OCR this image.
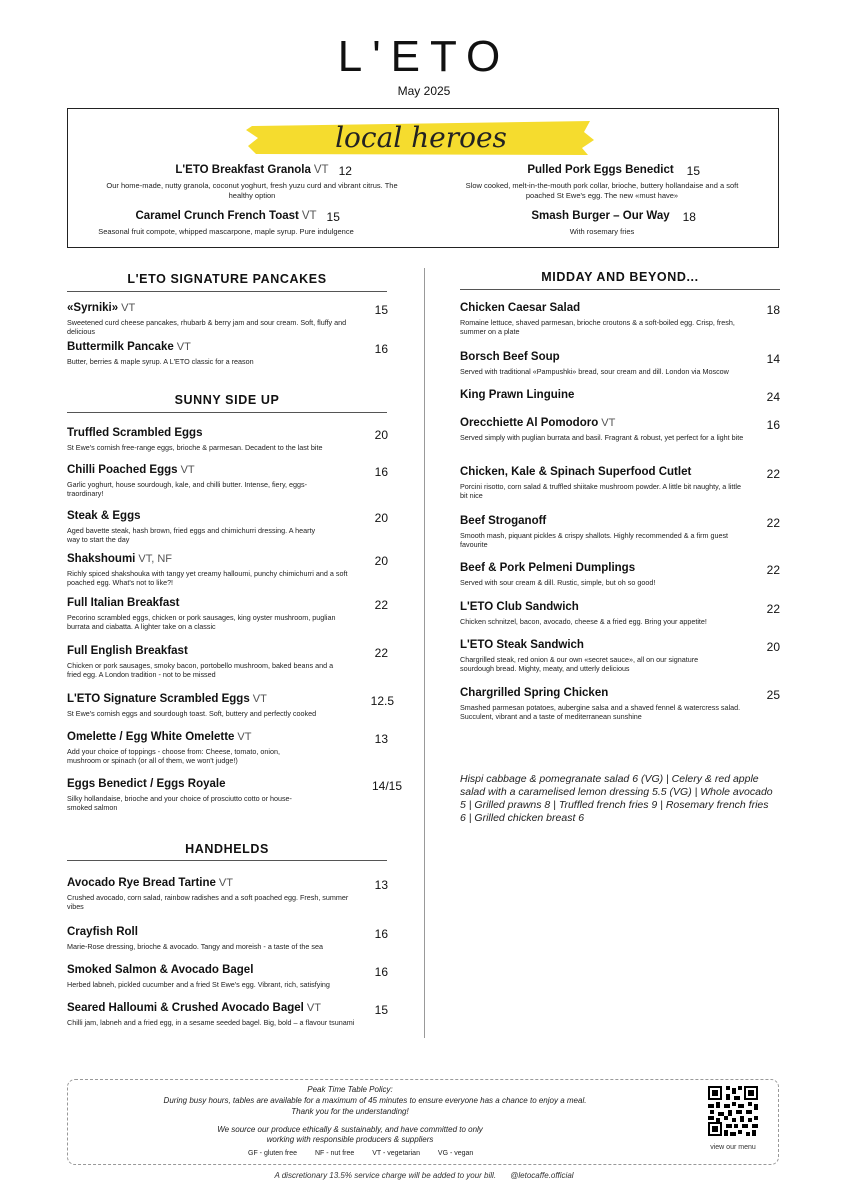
L'ETO
May 2025
local heroes
L'ETO Breakfast Granola VT 12
Our home-made, nutty granola, coconut yoghurt, fresh yuzu curd and vibrant citrus. The healthy option
Pulled Pork Eggs Benedict 15
Slow cooked, melt-in-the-mouth pork collar, brioche, buttery hollandaise and a soft poached St Ewe's egg. The new «must have»
Caramel Crunch French Toast VT 15
Seasonal fruit compote, whipped mascarpone, maple syrup. Pure indulgence
Smash Burger – Our Way 18
With rosemary fries
L'ETO SIGNATURE PANCAKES
SUNNY SIDE UP
HANDHELDS
MIDDAY AND BEYOND...
«Syrniki» VT
Sweetened curd cheese pancakes, rhubarb & berry jam and sour cream. Soft, fluffy and delicious
15
Buttermilk Pancake VT
Butter, berries & maple syrup. A L'ETO classic for a reason
16
Truffled Scrambled Eggs
St Ewe's cornish free-range eggs, brioche & parmesan. Decadent to the last bite
20
Chilli Poached Eggs VT
Garlic yoghurt, house sourdough, kale, and chilli butter. Intense, fiery, eggs-traordinary!
16
Steak & Eggs
Aged bavette steak, hash brown, fried eggs and chimichurri dressing. A hearty way to start the day
20
Shakshoumi VT, NF
Richly spiced shakshouka with tangy yet creamy halloumi, punchy chimichurri and a soft poached egg. What's not to like?!
20
Full Italian Breakfast
Pecorino scrambled eggs, chicken or pork sausages, king oyster mushroom, puglian burrata and ciabatta. A lighter take on a classic
22
Full English Breakfast
Chicken or pork sausages, smoky bacon, portobello mushroom, baked beans and a fried egg. A London tradition - not to be missed
22
L'ETO Signature Scrambled Eggs VT
St Ewe's cornish eggs and sourdough toast. Soft, buttery and perfectly cooked
12.5
Omelette / Egg White Omelette VT
Add your choice of toppings - choose from: Cheese, tomato, onion, mushroom or spinach (or all of them, we won't judge!)
13
Eggs Benedict / Eggs Royale
Silky hollandaise, brioche and your choice of prosciutto cotto or house-smoked salmon
14/15
Avocado Rye Bread Tartine VT
Crushed avocado, corn salad, rainbow radishes and a soft poached egg. Fresh, summer vibes
13
Crayfish Roll
Marie-Rose dressing, brioche & avocado. Tangy and moreish - a taste of the sea
16
Smoked Salmon & Avocado Bagel
Herbed labneh, pickled cucumber and a fried St Ewe's egg. Vibrant, rich, satisfying
16
Seared Halloumi & Crushed Avocado Bagel VT
Chilli jam, labneh and a fried egg, in a sesame seeded bagel. Big, bold – a flavour tsunami
15
Chicken Caesar Salad
Romaine lettuce, shaved parmesan, brioche croutons & a soft-boiled egg. Crisp, fresh, summer on a plate
18
Borsch Beef Soup
Served with traditional «Pampushki» bread, sour cream and dill. London via Moscow
14
King Prawn Linguine	24
Orecchiette Al Pomodoro VT
Served simply with puglian burrata and basil. Fragrant & robust, yet perfect for a light bite
16
Chicken, Kale & Spinach Superfood Cutlet
Porcini risotto, corn salad & truffled shiitake mushroom powder. A little bit naughty, a little bit nice
22
Beef Stroganoff
Smooth mash, piquant pickles & crispy shallots. Highly recommended & a firm guest favourite
22
Beef & Pork Pelmeni Dumplings
Served with sour cream & dill. Rustic, simple, but oh so good!
22
L'ETO Club Sandwich
Chicken schnitzel, bacon, avocado, cheese & a fried egg. Bring your appetite!
22
L'ETO Steak Sandwich
Chargrilled steak, red onion & our own «secret sauce», all on our signature sourdough bread. Mighty, meaty, and utterly delicious
20
Chargrilled Spring Chicken
Smashed parmesan potatoes, aubergine salsa and a shaved fennel & watercress salad. Succulent, vibrant and a taste of mediterranean sunshine
25
Hispi cabbage & pomegranate salad 6 (VG) | Celery & red apple salad with a caramelised lemon dressing 5.5 (VG) | Whole avocado 5 | Grilled prawns 8 | Truffled french fries 9 | Rosemary french fries 6 | Grilled chicken breast 6
Peak Time Table Policy:
During busy hours, tables are available for a maximum of 45 minutes to ensure everyone has a chance to enjoy a meal.
Thank you for the understanding!
We source our produce ethically & sustainably, and have committed to only
working with responsible producers & suppliers
GF - gluten free	NF - nut free	VT - vegetarian	VG - vegan
view our menu
A discretionary 13.5% service charge will be added to your bill. @letocaffe.official
